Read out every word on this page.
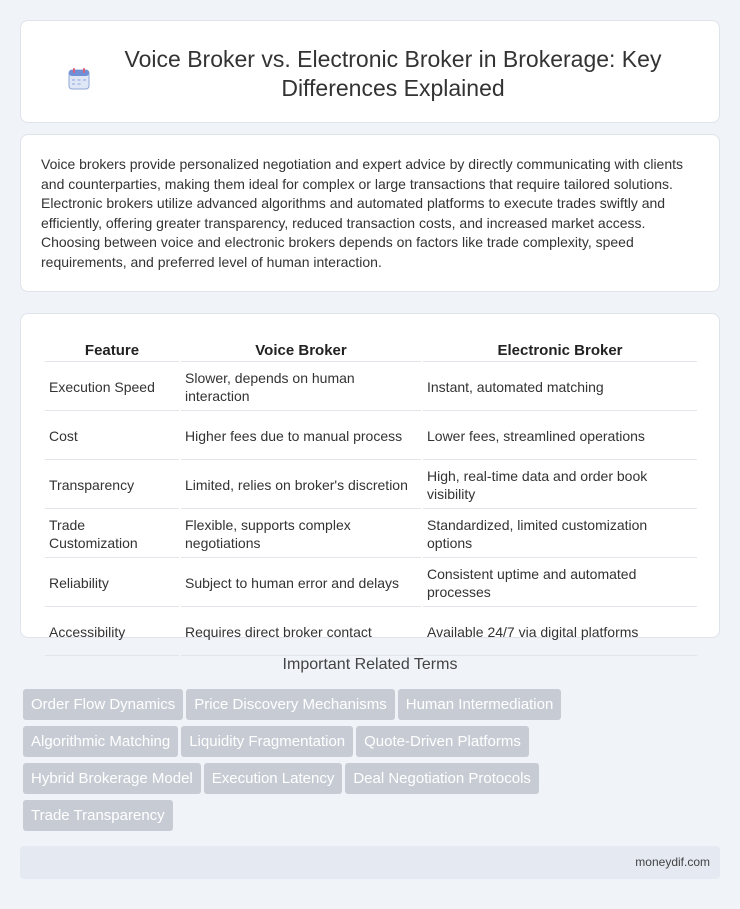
Voice Broker vs. Electronic Broker in Brokerage: Key Differences Explained

Voice brokers provide personalized negotiation and expert advice by directly communicating with clients and counterparties, making them ideal for complex or large transactions that require tailored solutions. Electronic brokers utilize advanced algorithms and automated platforms to execute trades swiftly and efficiently, offering greater transparency, reduced transaction costs, and increased market access. Choosing between voice and electronic brokers depends on factors like trade complexity, speed requirements, and preferred level of human interaction.

Feature	Voice Broker	Electronic Broker
Execution Speed	Slower, depends on human interaction	Instant, automated matching
Cost	Higher fees due to manual process	Lower fees, streamlined operations
Transparency	Limited, relies on broker's discretion	High, real-time data and order book visibility
Trade Customization	Flexible, supports complex negotiations	Standardized, limited customization options
Reliability	Subject to human error and delays	Consistent uptime and automated processes
Accessibility	Requires direct broker contact	Available 24/7 via digital platforms
Important Related Terms
Order Flow Dynamics Price Discovery Mechanisms Human Intermediation
Algorithmic Matching Liquidity Fragmentation Quote-Driven Platforms
Hybrid Brokerage Model Execution Latency Deal Negotiation Protocols
Trade Transparency
moneydif.com
